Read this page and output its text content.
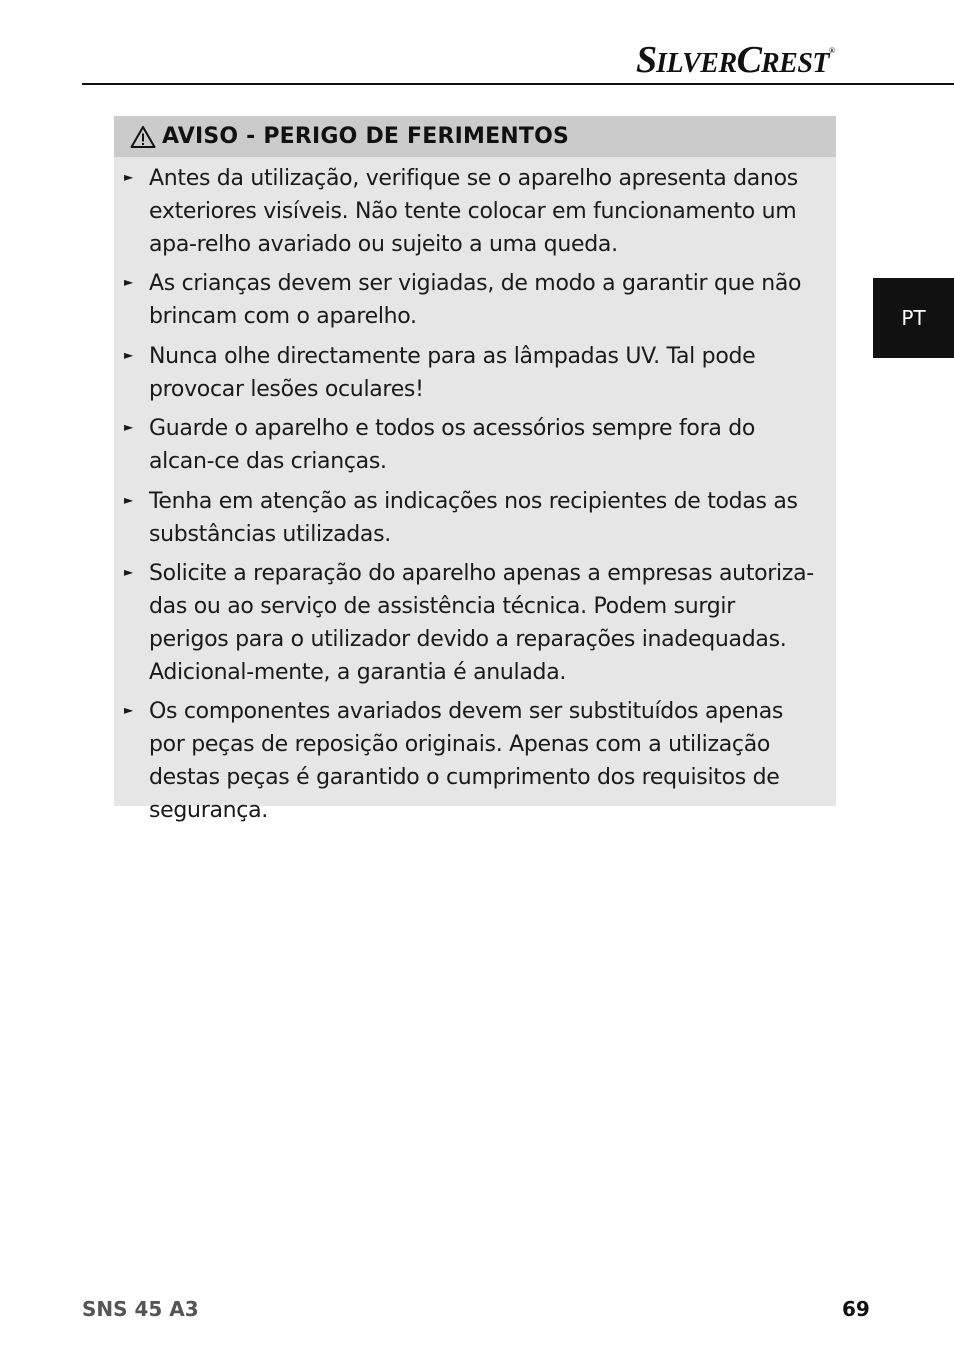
SILVERCREST®
PT
AVISO - PERIGO DE FERIMENTOS
► Antes da utilização, verifique se o aparelho apresenta danos exteriores visíveis. Não tente colocar em funcionamento um apa-relho avariado ou sujeito a uma queda.
► As crianças devem ser vigiadas, de modo a garantir que não brincam com o aparelho.
► Nunca olhe directamente para as lâmpadas UV. Tal pode provocar lesões oculares!
► Guarde o aparelho e todos os acessórios sempre fora do alcan-ce das crianças.
► Tenha em atenção as indicações nos recipientes de todas as substâncias utilizadas.
► Solicite a reparação do aparelho apenas a empresas autoriza-das ou ao serviço de assistência técnica. Podem surgir perigos para o utilizador devido a reparações inadequadas. Adicional-mente, a garantia é anulada.
► Os componentes avariados devem ser substituídos apenas por peças de reposição originais. Apenas com a utilização destas peças é garantido o cumprimento dos requisitos de segurança.
SNS 45 A3	69
